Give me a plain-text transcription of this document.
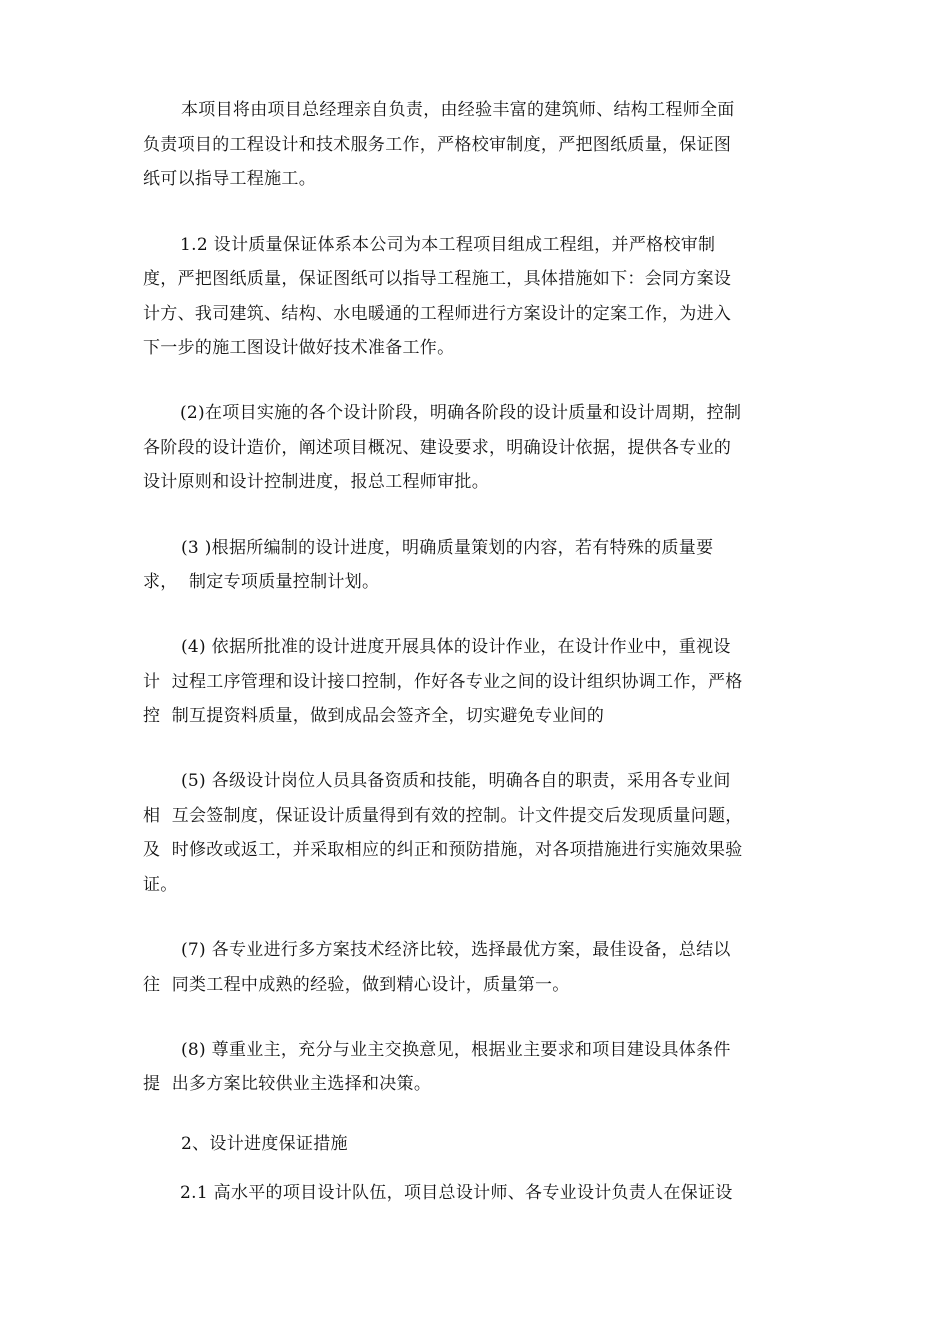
本项目将由项目总经理亲自负责，由经验丰富的建筑师、结构工程师全面
负责项目的工程设计和技术服务工作，严格校审制度，严把图纸质量，保证图
纸可以指导工程施工。
1.2 设计质量保证体系本公司为本工程项目组成工程组，并严格校审制
度，严把图纸质量，保证图纸可以指导工程施工，具体措施如下：会同方案设
计方、我司建筑、结构、水电暖通的工程师进行方案设计的定案工作，为进入
下一步的施工图设计做好技术准备工作。
(2)在项目实施的各个设计阶段，明确各阶段的设计质量和设计周期，控制
各阶段的设计造价，阐述项目概况、建设要求，明确设计依据，提供各专业的
设计原则和设计控制进度，报总工程师审批。
(3 )根据所编制的设计进度，明确质量策划的内容，若有特殊的质量要
求，  制定专项质量控制计划。
(4) 依据所批准的设计进度开展具体的设计作业，在设计作业中，重视设
计  过程工序管理和设计接口控制，作好各专业之间的设计组织协调工作，严格
控  制互提资料质量，做到成品会签齐全，切实避免专业间的
(5) 各级设计岗位人员具备资质和技能，明确各自的职责，采用各专业间
相  互会签制度，保证设计质量得到有效的控制。计文件提交后发现质量问题，
及  时修改或返工，并采取相应的纠正和预防措施，对各项措施进行实施效果验
证。
(7) 各专业进行多方案技术经济比较，选择最优方案，最佳设备，总结以
往  同类工程中成熟的经验，做到精心设计，质量第一。
(8) 尊重业主，充分与业主交换意见，根据业主要求和项目建设具体条件
提  出多方案比较供业主选择和决策。
2、设计进度保证措施
2.1 高水平的项目设计队伍，项目总设计师、各专业设计负责人在保证设
